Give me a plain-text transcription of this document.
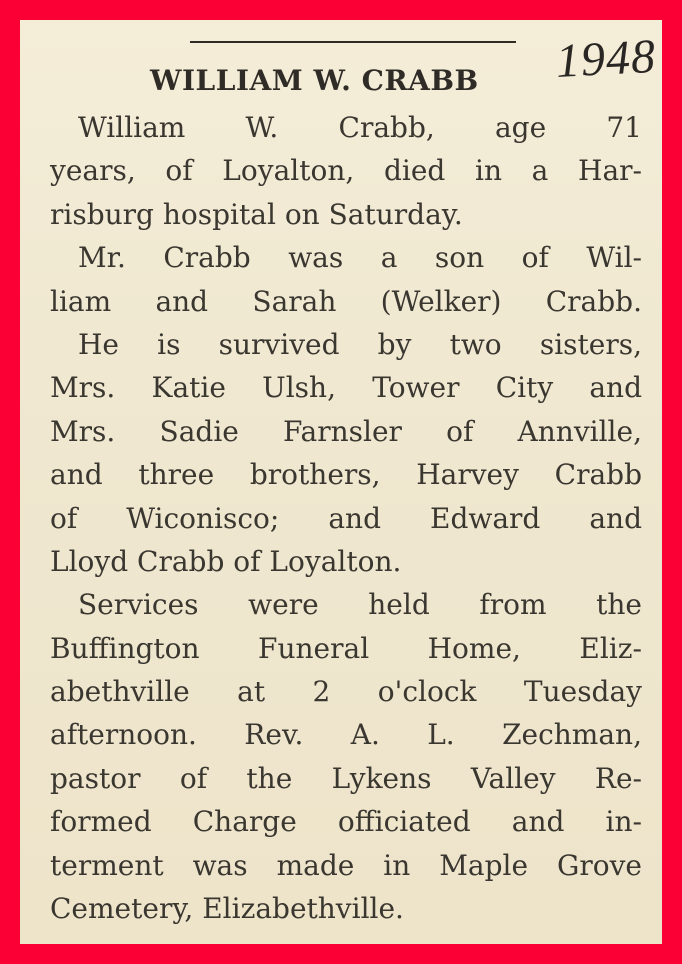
1948
WILLIAM W. CRABB
William W. Crabb, age 71
years, of Loyalton, died in a Har-
risburg hospital on Saturday.
Mr. Crabb was a son of Wil-
liam and Sarah (Welker) Crabb.
He is survived by two sisters,
Mrs. Katie Ulsh, Tower City and
Mrs. Sadie Farnsler of Annville,
and three brothers, Harvey Crabb
of Wiconisco; and Edward and
Lloyd Crabb of Loyalton.
Services were held from the
Buffington Funeral Home, Eliz-
abethville at 2 o'clock Tuesday
afternoon. Rev. A. L. Zechman,
pastor of the Lykens Valley Re-
formed Charge officiated and in-
terment was made in Maple Grove
Cemetery, Elizabethville.
